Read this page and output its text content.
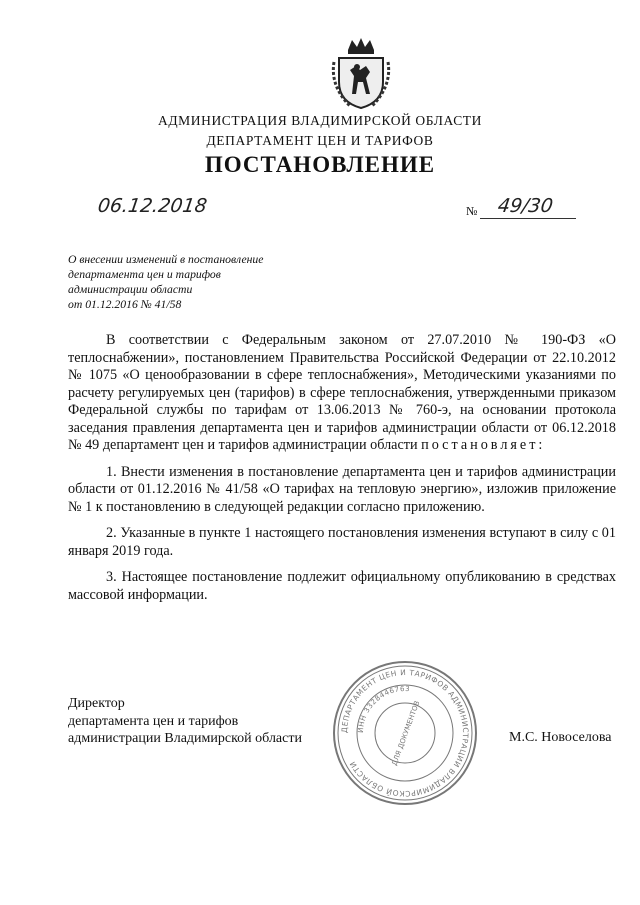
АДМИНИСТРАЦИЯ ВЛАДИМИРСКОЙ ОБЛАСТИ
ДЕПАРТАМЕНТ ЦЕН И ТАРИФОВ
ПОСТАНОВЛЕНИЕ
06.12.2018	№ 49/30
О внесении изменений в постановление
департамента цен и тарифов
администрации области
от 01.12.2016 № 41/58

В соответствии с Федеральным законом от 27.07.2010 № 190-ФЗ «О теплоснабжении», постановлением Правительства Российской Федерации от 22.10.2012 № 1075 «О ценообразовании в сфере теплоснабжения», Методическими указаниями по расчету регулируемых цен (тарифов) в сфере теплоснабжения, утвержденными приказом Федеральной службы по тарифам от 13.06.2013 № 760-э, на основании протокола заседания правления департамента цен и тарифов администрации области от 06.12.2018 № 49 департамент цен и тарифов администрации области постановляет:

1. Внести изменения в постановление департамента цен и тарифов администрации области от 01.12.2016 № 41/58 «О тарифах на тепловую энергию», изложив приложение № 1 к постановлению в следующей редакции согласно приложению.

2. Указанные в пункте 1 настоящего постановления изменения вступают в силу с 01 января 2019 года.

3. Настоящее постановление подлежит официальному опубликованию в средствах массовой информации.

Директор
департамента цен и тарифов
администрации Владимирской области	М.С. Новоселова
ДЕПАРТАМЕНТ ЦЕН И ТАРИФОВ АДМИНИСТРАЦИИ ВЛАДИМИРСКОЙ ОБЛАСТИ
ИНН 3328446763
ДЛЯ ДОКУМЕНТОВ
